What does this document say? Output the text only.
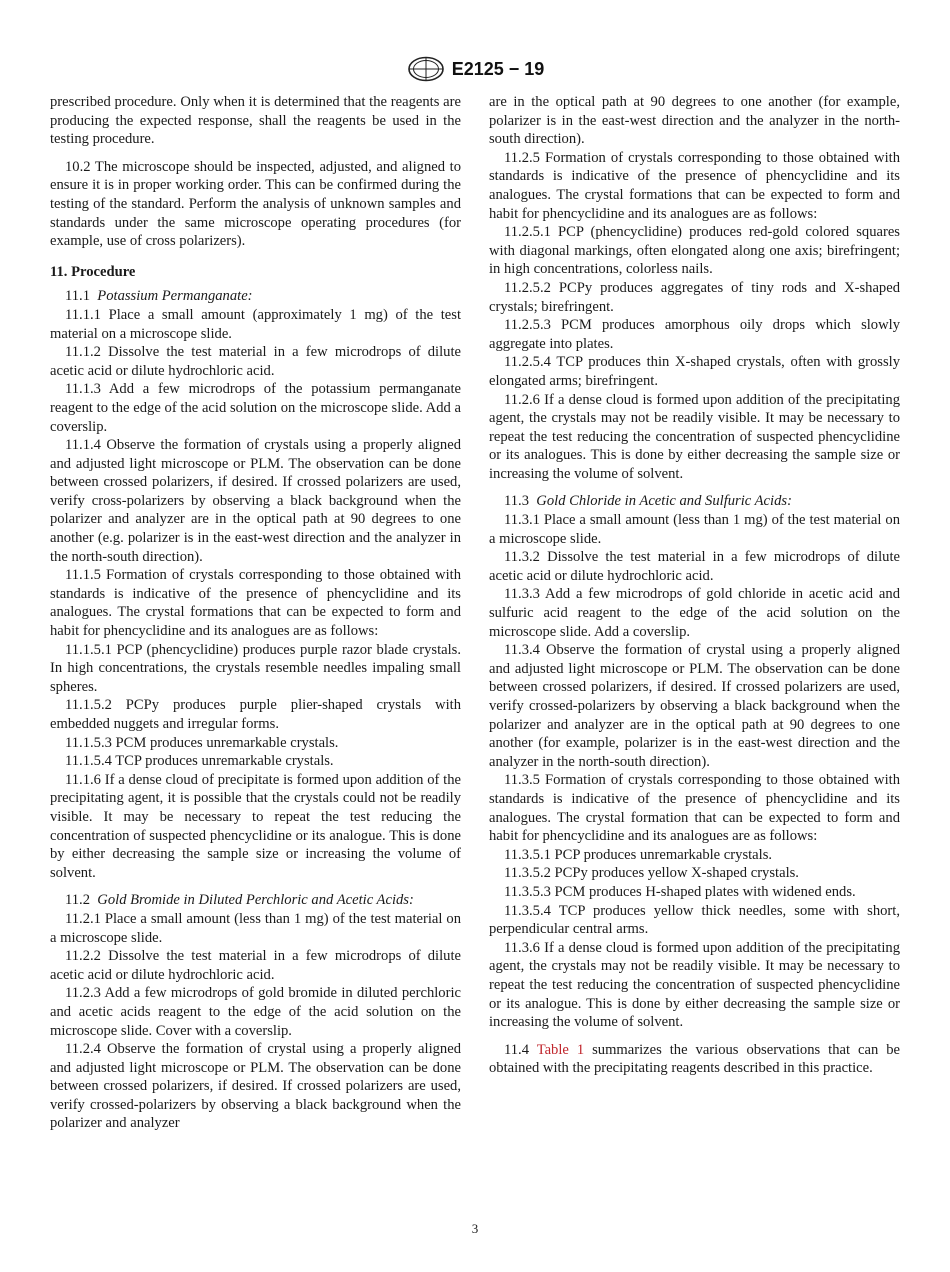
E2125 − 19

prescribed procedure. Only when it is determined that the reagents are producing the expected response, shall the reagents be used in the testing procedure.

10.2 The microscope should be inspected, adjusted, and aligned to ensure it is in proper working order. This can be confirmed during the testing of the standard. Perform the analysis of unknown samples and standards under the same microscope operating procedures (for example, use of cross polarizers).

11. Procedure

11.1 Potassium Permanganate:

11.1.1 Place a small amount (approximately 1 mg) of the test material on a microscope slide.

11.1.2 Dissolve the test material in a few microdrops of dilute acetic acid or dilute hydrochloric acid.

11.1.3 Add a few microdrops of the potassium permanganate reagent to the edge of the acid solution on the microscope slide. Add a coverslip.

11.1.4 Observe the formation of crystals using a properly aligned and adjusted light microscope or PLM. The observation can be done between crossed polarizers, if desired. If crossed polarizers are used, verify cross-polarizers by observing a black background when the polarizer and analyzer are in the optical path at 90 degrees to one another (e.g. polarizer is in the east-west direction and the analyzer in the north-south direction).

11.1.5 Formation of crystals corresponding to those obtained with standards is indicative of the presence of phencyclidine and its analogues. The crystal formations that can be expected to form and habit for phencyclidine and its analogues are as follows:

11.1.5.1 PCP (phencyclidine) produces purple razor blade crystals. In high concentrations, the crystals resemble needles impaling small spheres.

11.1.5.2 PCPy produces purple plier-shaped crystals with embedded nuggets and irregular forms.

11.1.5.3 PCM produces unremarkable crystals.

11.1.5.4 TCP produces unremarkable crystals.

11.1.6 If a dense cloud of precipitate is formed upon addition of the precipitating agent, it is possible that the crystals could not be readily visible. It may be necessary to repeat the test reducing the concentration of suspected phencyclidine or its analogue. This is done by either decreasing the sample size or increasing the volume of solvent.

11.2 Gold Bromide in Diluted Perchloric and Acetic Acids:

11.2.1 Place a small amount (less than 1 mg) of the test material on a microscope slide.

11.2.2 Dissolve the test material in a few microdrops of dilute acetic acid or dilute hydrochloric acid.

11.2.3 Add a few microdrops of gold bromide in diluted perchloric and acetic acids reagent to the edge of the acid solution on the microscope slide. Cover with a coverslip.

11.2.4 Observe the formation of crystal using a properly aligned and adjusted light microscope or PLM. The observation can be done between crossed polarizers, if desired. If crossed polarizers are used, verify crossed-polarizers by observing a black background when the polarizer and analyzer

are in the optical path at 90 degrees to one another (for example, polarizer is in the east-west direction and the analyzer in the north-south direction).

11.2.5 Formation of crystals corresponding to those obtained with standards is indicative of the presence of phencyclidine and its analogues. The crystal formations that can be expected to form and habit for phencyclidine and its analogues are as follows:

11.2.5.1 PCP (phencyclidine) produces red-gold colored squares with diagonal markings, often elongated along one axis; birefringent; in high concentrations, colorless nails.

11.2.5.2 PCPy produces aggregates of tiny rods and X-shaped crystals; birefringent.

11.2.5.3 PCM produces amorphous oily drops which slowly aggregate into plates.

11.2.5.4 TCP produces thin X-shaped crystals, often with grossly elongated arms; birefringent.

11.2.6 If a dense cloud is formed upon addition of the precipitating agent, the crystals may not be readily visible. It may be necessary to repeat the test reducing the concentration of suspected phencyclidine or its analogues. This is done by either decreasing the sample size or increasing the volume of solvent.

11.3 Gold Chloride in Acetic and Sulfuric Acids:

11.3.1 Place a small amount (less than 1 mg) of the test material on a microscope slide.

11.3.2 Dissolve the test material in a few microdrops of dilute acetic acid or dilute hydrochloric acid.

11.3.3 Add a few microdrops of gold chloride in acetic acid and sulfuric acid reagent to the edge of the acid solution on the microscope slide. Add a coverslip.

11.3.4 Observe the formation of crystal using a properly aligned and adjusted light microscope or PLM. The observation can be done between crossed polarizers, if desired. If crossed polarizers are used, verify crossed-polarizers by observing a black background when the polarizer and analyzer are in the optical path at 90 degrees to one another (for example, polarizer is in the east-west direction and the analyzer in the north-south direction).

11.3.5 Formation of crystals corresponding to those obtained with standards is indicative of the presence of phencyclidine and its analogues. The crystal formation that can be expected to form and habit for phencyclidine and its analogues are as follows:

11.3.5.1 PCP produces unremarkable crystals.

11.3.5.2 PCPy produces yellow X-shaped crystals.

11.3.5.3 PCM produces H-shaped plates with widened ends.

11.3.5.4 TCP produces yellow thick needles, some with short, perpendicular central arms.

11.3.6 If a dense cloud is formed upon addition of the precipitating agent, the crystals may not be readily visible. It may be necessary to repeat the test reducing the concentration of suspected phencyclidine or its analogue. This is done by either decreasing the sample size or increasing the volume of solvent.

11.4 Table 1 summarizes the various observations that can be obtained with the precipitating reagents described in this practice.

3
